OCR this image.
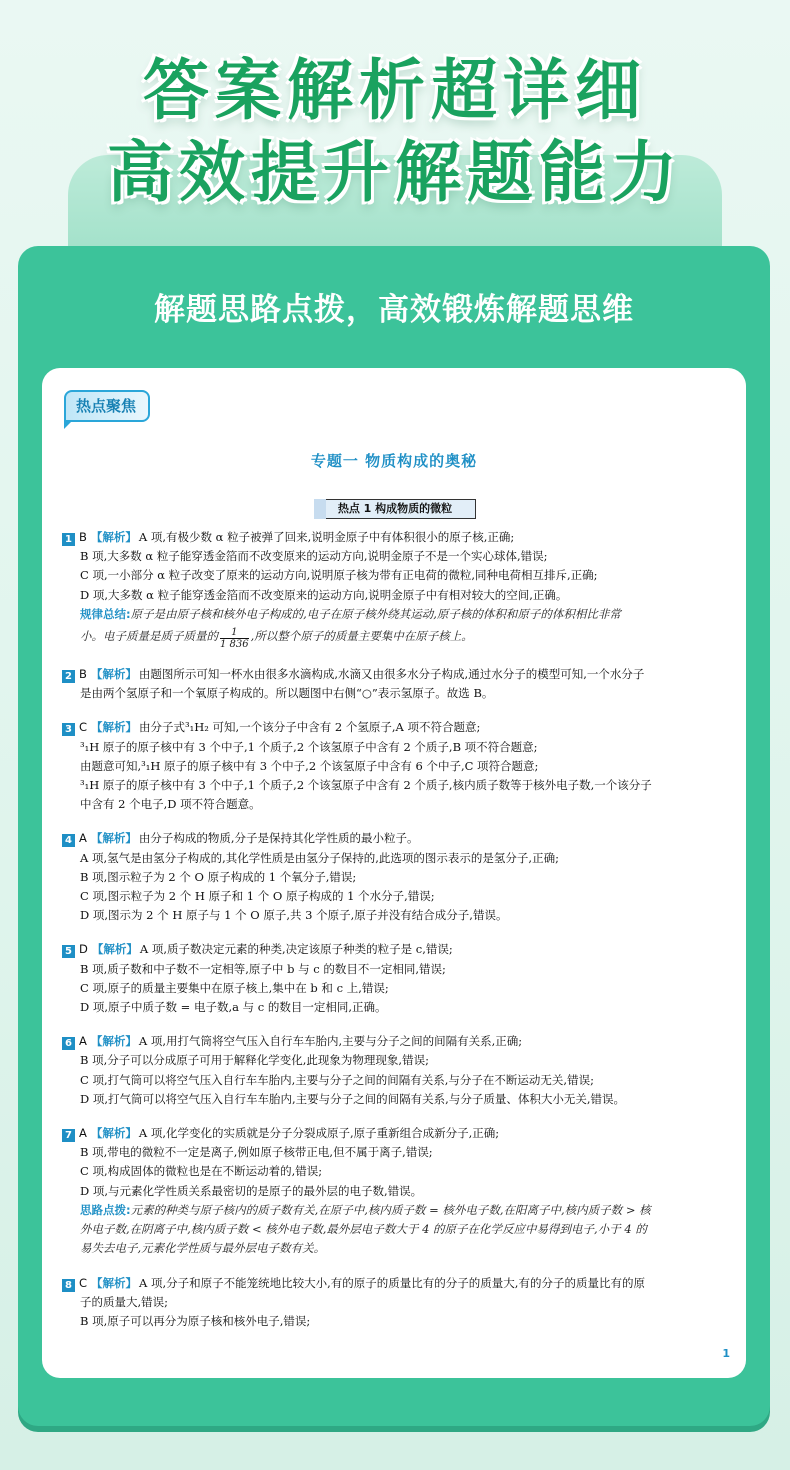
答案解析超详细
高效提升解题能力
解题思路点拨，高效锻炼解题思维
热点聚焦
专题一 物质构成的奥秘
热点 1 构成物质的微粒
1 B 【解析】 A 项,有极少数 α 粒子被弹了回来,说明金原子中有体积很小的原子核,正确;
B 项,大多数 α 粒子能穿透金箔而不改变原来的运动方向,说明金原子不是一个实心球体,错误;
C 项,一小部分 α 粒子改变了原来的运动方向,说明原子核为带有正电荷的微粒,同种电荷相互排斥,正确;
D 项,大多数 α 粒子能穿透金箔而不改变原来的运动方向,说明金原子中有相对较大的空间,正确。
规律总结:原子是由原子核和核外电子构成的,电子在原子核外绕其运动,原子核的体积和原子的体积相比非常
小。电子质量是质子质量的 $\frac{1}{1 836}$ ,所以整个原子的质量主要集中在原子核上。
2 B 【解析】 由题图所示可知一杯水由很多水滴构成,水滴又由很多水分子构成,通过水分子的模型可知,一个水分子
是由两个氢原子和一个氧原子构成的。所以题图中右侧“○”表示氢原子。故选 B。
3 C 【解析】 由分子式³₁H₂ 可知,一个该分子中含有 2 个氢原子,A 项不符合题意;
³₁H 原子的原子核中有 3 个中子,1 个质子,2 个该氢原子中含有 2 个质子,B 项不符合题意;
由题意可知,³₁H 原子的原子核中有 3 个中子,2 个该氢原子中含有 6 个中子,C 项符合题意;
³₁H 原子的原子核中有 3 个中子,1 个质子,2 个该氢原子中含有 2 个质子,核内质子数等于核外电子数,一个该分子
中含有 2 个电子,D 项不符合题意。
4 A 【解析】 由分子构成的物质,分子是保持其化学性质的最小粒子。
A 项,氢气是由氢分子构成的,其化学性质是由氢分子保持的,此选项的图示表示的是氢分子,正确;
B 项,图示粒子为 2 个 O 原子构成的 1 个氧分子,错误;
C 项,图示粒子为 2 个 H 原子和 1 个 O 原子构成的 1 个水分子,错误;
D 项,图示为 2 个 H 原子与 1 个 O 原子,共 3 个原子,原子并没有结合成分子,错误。
5 D 【解析】 A 项,质子数决定元素的种类,决定该原子种类的粒子是 c,错误;
B 项,质子数和中子数不一定相等,原子中 b 与 c 的数目不一定相同,错误;
C 项,原子的质量主要集中在原子核上,集中在 b 和 c 上,错误;
D 项,原子中质子数 = 电子数,a 与 c 的数目一定相同,正确。
6 A 【解析】 A 项,用打气筒将空气压入自行车车胎内,主要与分子之间的间隔有关系,正确;
B 项,分子可以分成原子可用于解释化学变化,此现象为物理现象,错误;
C 项,打气筒可以将空气压入自行车车胎内,主要与分子之间的间隔有关系,与分子在不断运动无关,错误;
D 项,打气筒可以将空气压入自行车车胎内,主要与分子之间的间隔有关系,与分子质量、体积大小无关,错误。
7 A 【解析】 A 项,化学变化的实质就是分子分裂成原子,原子重新组合成新分子,正确;
B 项,带电的微粒不一定是离子,例如原子核带正电,但不属于离子,错误;
C 项,构成固体的微粒也是在不断运动着的,错误;
D 项,与元素化学性质关系最密切的是原子的最外层的电子数,错误。
思路点拨:元素的种类与原子核内的质子数有关,在原子中,核内质子数 = 核外电子数,在阳离子中,核内质子数 > 核
外电子数,在阴离子中,核内质子数 < 核外电子数,最外层电子数大于 4 的原子在化学反应中易得到电子,小于 4 的
易失去电子,元素化学性质与最外层电子数有关。
8 C 【解析】 A 项,分子和原子不能笼统地比较大小,有的原子的质量比有的分子的质量大,有的分子的质量比有的原
子的质量大,错误;
B 项,原子可以再分为原子核和核外电子,错误;
1
